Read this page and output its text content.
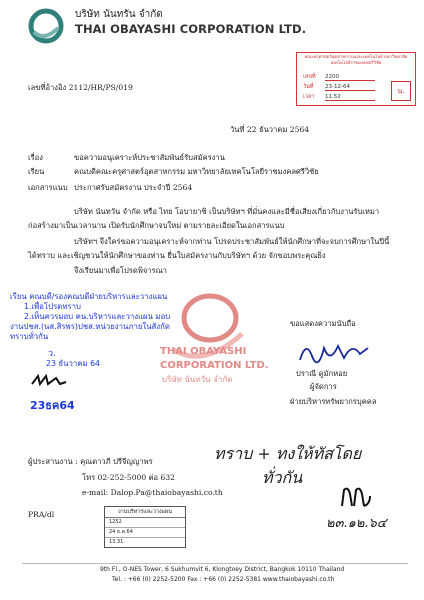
บริษัท นันทรัน จำกัด
THAI OBAYASHI CORPORATION LTD.
คณะครุศาสตร์อุตสาหกรรมและเทคโนโลยี มหาวิทยาลัยเทคโนโลยีราชมงคลศรีวิชัย
เลขที่ 2200
วันที่ 23-12-64
เวลา 11.52
น.
เลขที่อ้างอิง 2112/HR/PS/019
วันที่ 22 ธันวาคม 2564
เรื่อง	ขอความอนุเคราะห์ประชาสัมพันธ์รับสมัครงาน
เรียน	คณบดีคณะครุศาสตร์อุตสาหกรรม มหาวิทยาลัยเทคโนโลยีราชมงคลศรีวิชัย
เอกสารแนบ ประกาศรับสมัครงาน ประจำปี 2564
บริษัท นันทวัน จำกัด หรือ ไทย โอบายาชิ เป็นบริษัทฯ ที่มั่นคงและมีชื่อเสียงเกี่ยวกับงานรับเหมา
ก่อสร้างมาเป็นเวลานาน เปิดรับนักศึกษาจบใหม่ ตามรายละเอียดในเอกสารแนบ
บริษัทฯ จึงใคร่ขอความอนุเคราะห์จากท่าน โปรดประชาสัมพันธ์ให้นักศึกษาที่จะจบการศึกษาในปีนี้
ได้ทราบ และเชิญชวนให้นักศึกษาของท่าน ยื่นใบสมัครงานกับบริษัทฯ ด้วย จักขอบพระคุณยิ่ง
จึงเรียนมาเพื่อโปรดพิจารณา
เรียน คณบดี/รองคณบดีฝ่ายบริหารและวางแผน
1.เพื่อโปรดทราบ
2.เห็นควรมอบ คน.บริหารและวางแผน มอบ
งานปชส.(นส.สิรพร)ปชส.หน่วยงานภายในสังกัด
ทราบทั่วกัน
ว.
23 ธันวาคม 64
23ธค64
THAI OBAYASHI
CORPORATION LTD.
บริษัท นันทวัน จำกัด
ขอแสดงความนับถือ
ปราณี ดูมักหอย
ผู้จัดการ
ฝ่ายบริหารทรัพยากรบุคคล
ผู้ประสานงาน : คุณดาวภี ปรีจีญญาพร
โทร 02-252-5000 ต่อ 632
e-mail: Dalop.Pa@thaiobayashi.co.th
PRA/dl
ทราบ + ทงให้ทัสโดย
ทั่วกัน
๒๓.๑๒.๖๔
งานบริหารและวางแผน
1252
24 ธ.ค.64
13.31
9th Fl., O-NES Tower, 6 Sukhumvit 6, Klongtoey District, Bangkok 10110 Thailand
Tel. : +66 (0) 2252-5200 Fax : +66 (0) 2252-5381 www.thaiobayashi.co.th
